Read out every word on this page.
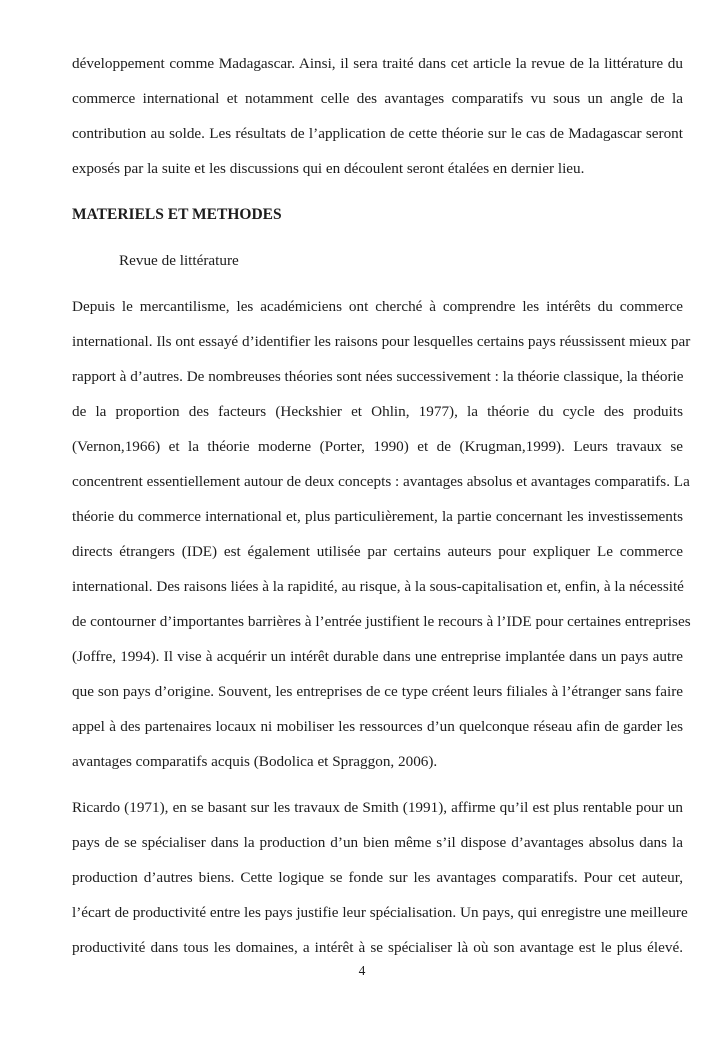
développement comme Madagascar. Ainsi, il sera traité dans cet article la revue de la littérature du
commerce international et notamment celle des avantages comparatifs vu sous un angle de la
contribution au solde. Les résultats de l’application de cette théorie sur le cas de Madagascar seront
exposés par la suite et les discussions qui en découlent seront étalées en dernier lieu.
MATERIELS ET METHODES
Revue de littérature
Depuis le mercantilisme, les académiciens ont cherché à comprendre les intérêts du commerce
international. Ils ont essayé d’identifier les raisons pour lesquelles certains pays réussissent mieux par
rapport à d’autres. De nombreuses théories sont nées successivement : la théorie classique, la théorie
de la proportion des facteurs (Heckshier et Ohlin, 1977), la théorie du cycle des produits
(Vernon,1966) et la théorie moderne (Porter, 1990) et de (Krugman,1999). Leurs travaux se
concentrent essentiellement autour de deux concepts : avantages absolus et avantages comparatifs. La
théorie du commerce international et, plus particulièrement, la partie concernant les investissements
directs étrangers (IDE) est également utilisée par certains auteurs pour expliquer Le commerce
international. Des raisons liées à la rapidité, au risque, à la sous-capitalisation et, enfin, à la nécessité
de contourner d’importantes barrières à l’entrée justifient le recours à l’IDE pour certaines entreprises
(Joffre, 1994). Il vise à acquérir un intérêt durable dans une entreprise implantée dans un pays autre
que son pays d’origine. Souvent, les entreprises de ce type créent leurs filiales à l’étranger sans faire
appel à des partenaires locaux ni mobiliser les ressources d’un quelconque réseau afin de garder les
avantages comparatifs acquis (Bodolica et Spraggon, 2006).
Ricardo (1971), en se basant sur les travaux de Smith (1991), affirme qu’il est plus rentable pour un
pays de se spécialiser dans la production d’un bien même s’il dispose d’avantages absolus dans la
production d’autres biens. Cette logique se fonde sur les avantages comparatifs. Pour cet auteur,
l’écart de productivité entre les pays justifie leur spécialisation. Un pays, qui enregistre une meilleure
productivité dans tous les domaines, a intérêt à se spécialiser là où son avantage est le plus élevé.
4
